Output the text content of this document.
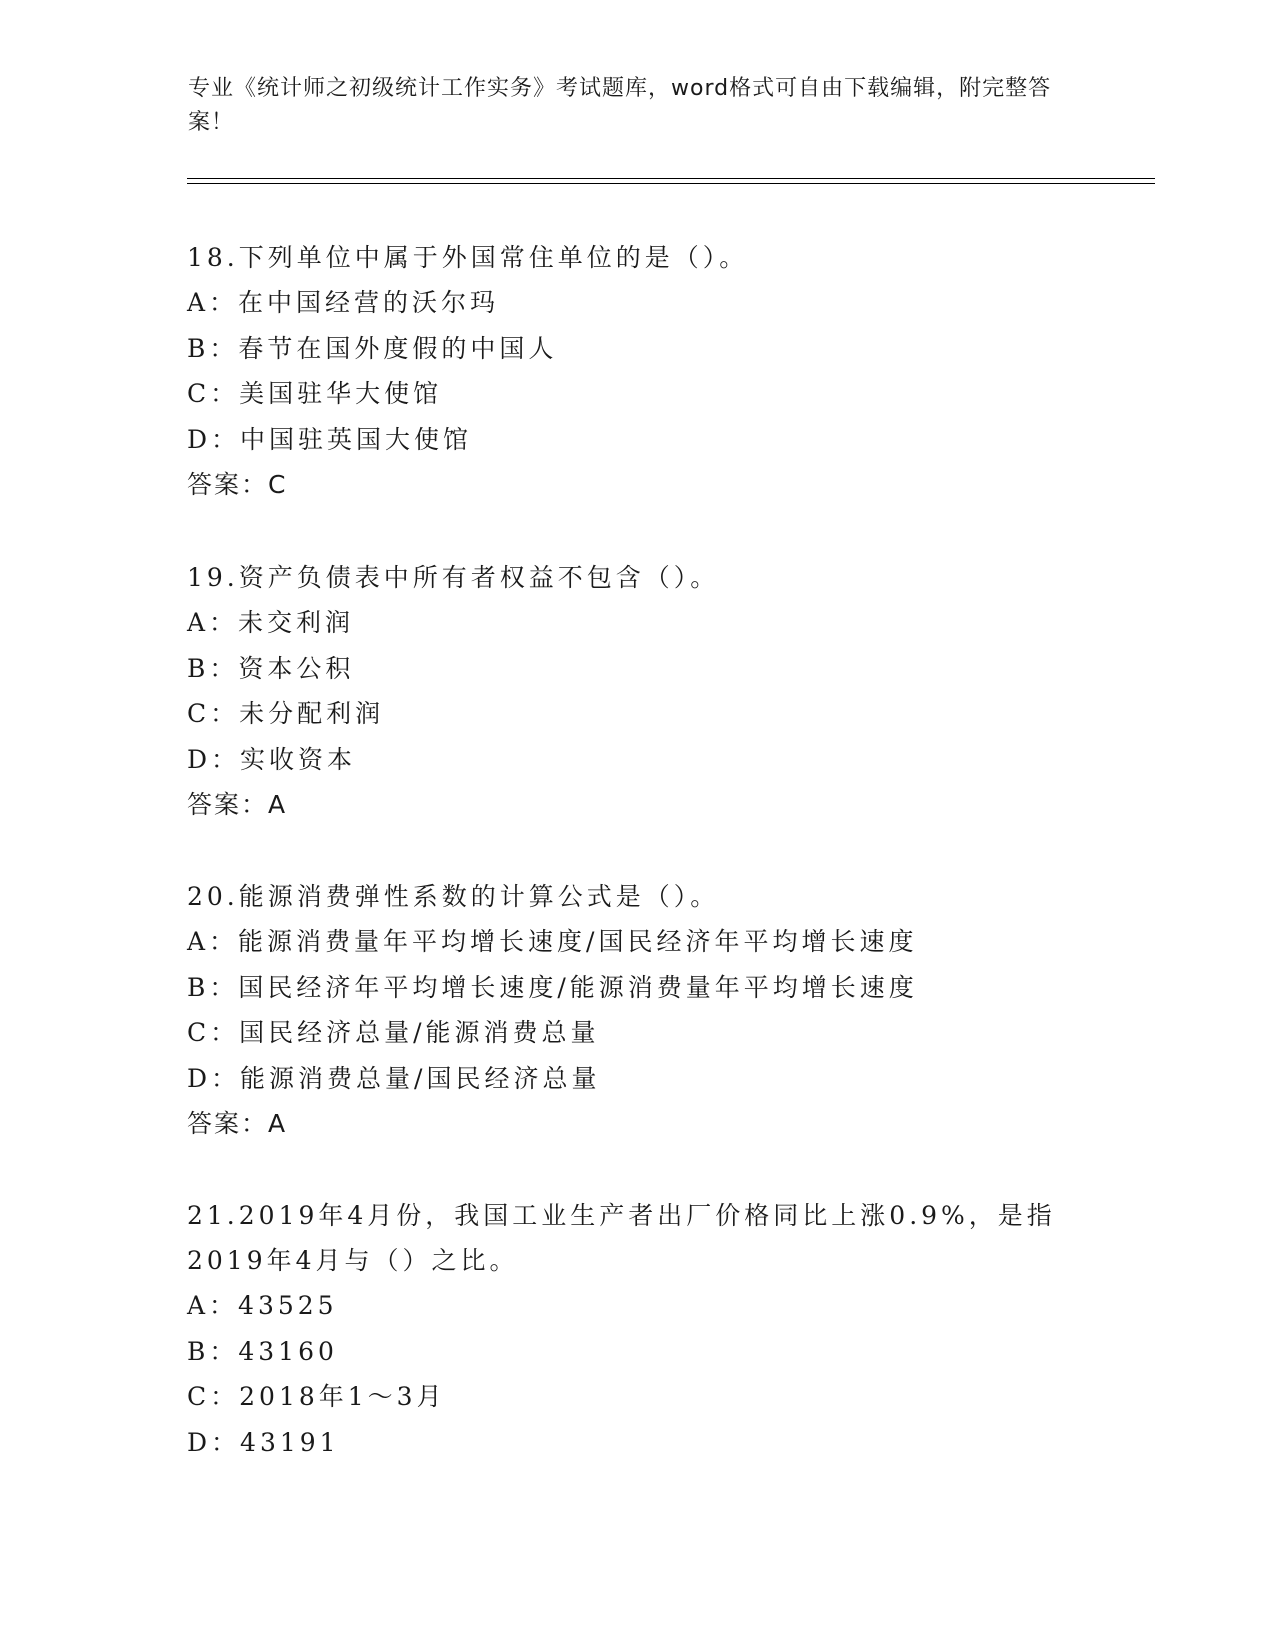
专业《统计师之初级统计工作实务》考试题库，word格式可自由下载编辑，附完整答案！
18.下列单位中属于外国常住单位的是（）。
A：在中国经营的沃尔玛
B：春节在国外度假的中国人
C：美国驻华大使馆
D：中国驻英国大使馆
答案：C
19.资产负债表中所有者权益不包含（）。
A：未交利润
B：资本公积
C：未分配利润
D：实收资本
答案：A
20.能源消费弹性系数的计算公式是（）。
A：能源消费量年平均增长速度/国民经济年平均增长速度
B：国民经济年平均增长速度/能源消费量年平均增长速度
C：国民经济总量/能源消费总量
D：能源消费总量/国民经济总量
答案：A
21.2019年4月份，我国工业生产者出厂价格同比上涨0.9%，是指
2019年4月与（）之比。
A：43525
B：43160
C：2018年1～3月
D：43191
